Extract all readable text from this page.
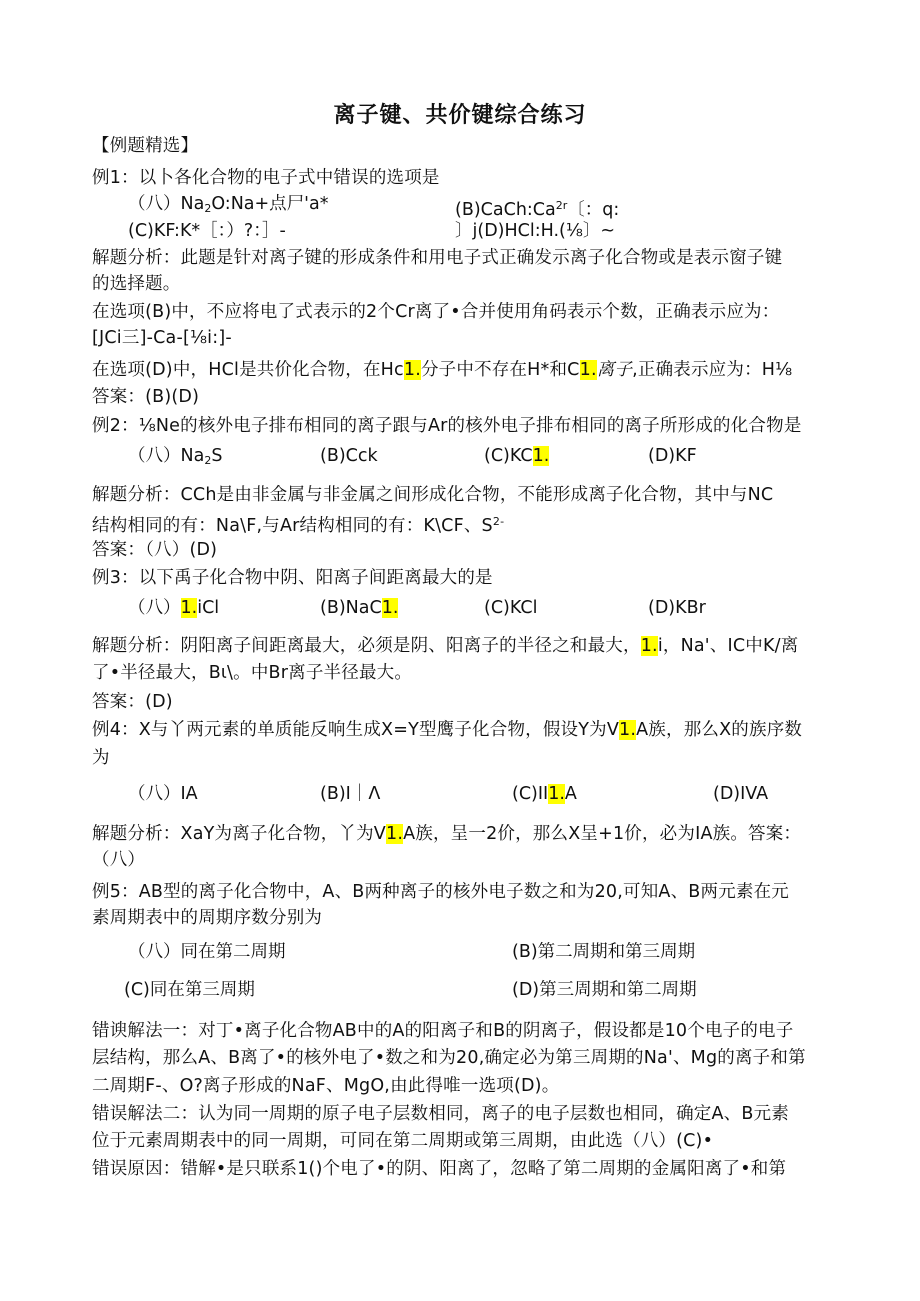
离子键、共价键综合练习
【例题精选】
例1：以卜各化合物的电子式中错误的选项是
（八）$Na_2O:Na+$点尸'a*	$(B)CaCh:Ca^{2r}$〔：q:
(C)KF:K*［：）?：］-	〕j(D)HCl:H.(⅛〕~
解题分析：此题是针对离子键的形成条件和用电子式正确发示离子化合物或是表示窗子键
的选择题。
在选项(B)中，不应将电了式表示的2个Cr离了•合并使用角码表示个数，正确表示应为：
[JCi三]-Ca-[⅛i:]-
在选项(D)中，HCl是共价化合物，在Hc1.分子中不存在H*和C1.离子,正确表示应为：H⅛
答案：(B)(D)
例2：⅛Ne的核外电子排布相同的离子跟与Ar的核外电子排布相同的离子所形成的化合物是
（八）$Na_2S$	(B)Cck	(C)KC1.	(D)KF
解题分析：CCh是由非金属与非金属之间形成化合物，不能形成离子化合物，其中与NC
结构相同的有：Na\F,与Ar结构相同的有：K\CF、$S^{2-}$
答案：（八）(D)
例3：以下禹子化合物中阴、阳离子间距离最大的是
（八）1.iCl	(B)NaC1.	(C)KCl	(D)KBr
解题分析：阴阳离子间距离最大，必须是阴、阳离子的半径之和最大，1.i，Na'、IC中K/离
了•半径最大，Bι\。中Br离子半径最大。
答案：(D)
例4：X与丫两元素的单质能反响生成X=Y型鹰子化合物，假设Y为V1.A族，那么X的族序数
为
（八）IA	(B)I｜Λ	(C)II1.A	(D)IVA
解题分析：XaY为离子化合物，丫为V1.A族，呈一2价，那么X呈+1价，必为IA族。答案：
（八）
例5：AB型的离子化合物中，A、B两种离子的核外电子数之和为20,可知A、B两元素在元
素周期表中的周期序数分别为
（八）同在第二周期	(B)第二周期和第三周期
(C)同在第三周期	(D)第三周期和第二周期
错谀解法一：对丁•离子化合物AB中的A的阳离子和B的阴离子，假设都是10个电子的电子
层结构，那么A、B离了•的核外电了•数之和为20,确定必为第三周期的Na'、Mg的离子和第
二周期F-、O?离子形成的NaF、MgO,由此得唯一选项(D)。
错误解法二：认为同一周期的原子电子层数相同，离子的电子层数也相同，确定A、B元素
位于元素周期表中的同一周期，可同在第二周期或第三周期，由此选（八）(C)•
错误原因：错解•是只联系1()个电了•的阴、阳离了，忽略了第二周期的金属阳离了•和第
